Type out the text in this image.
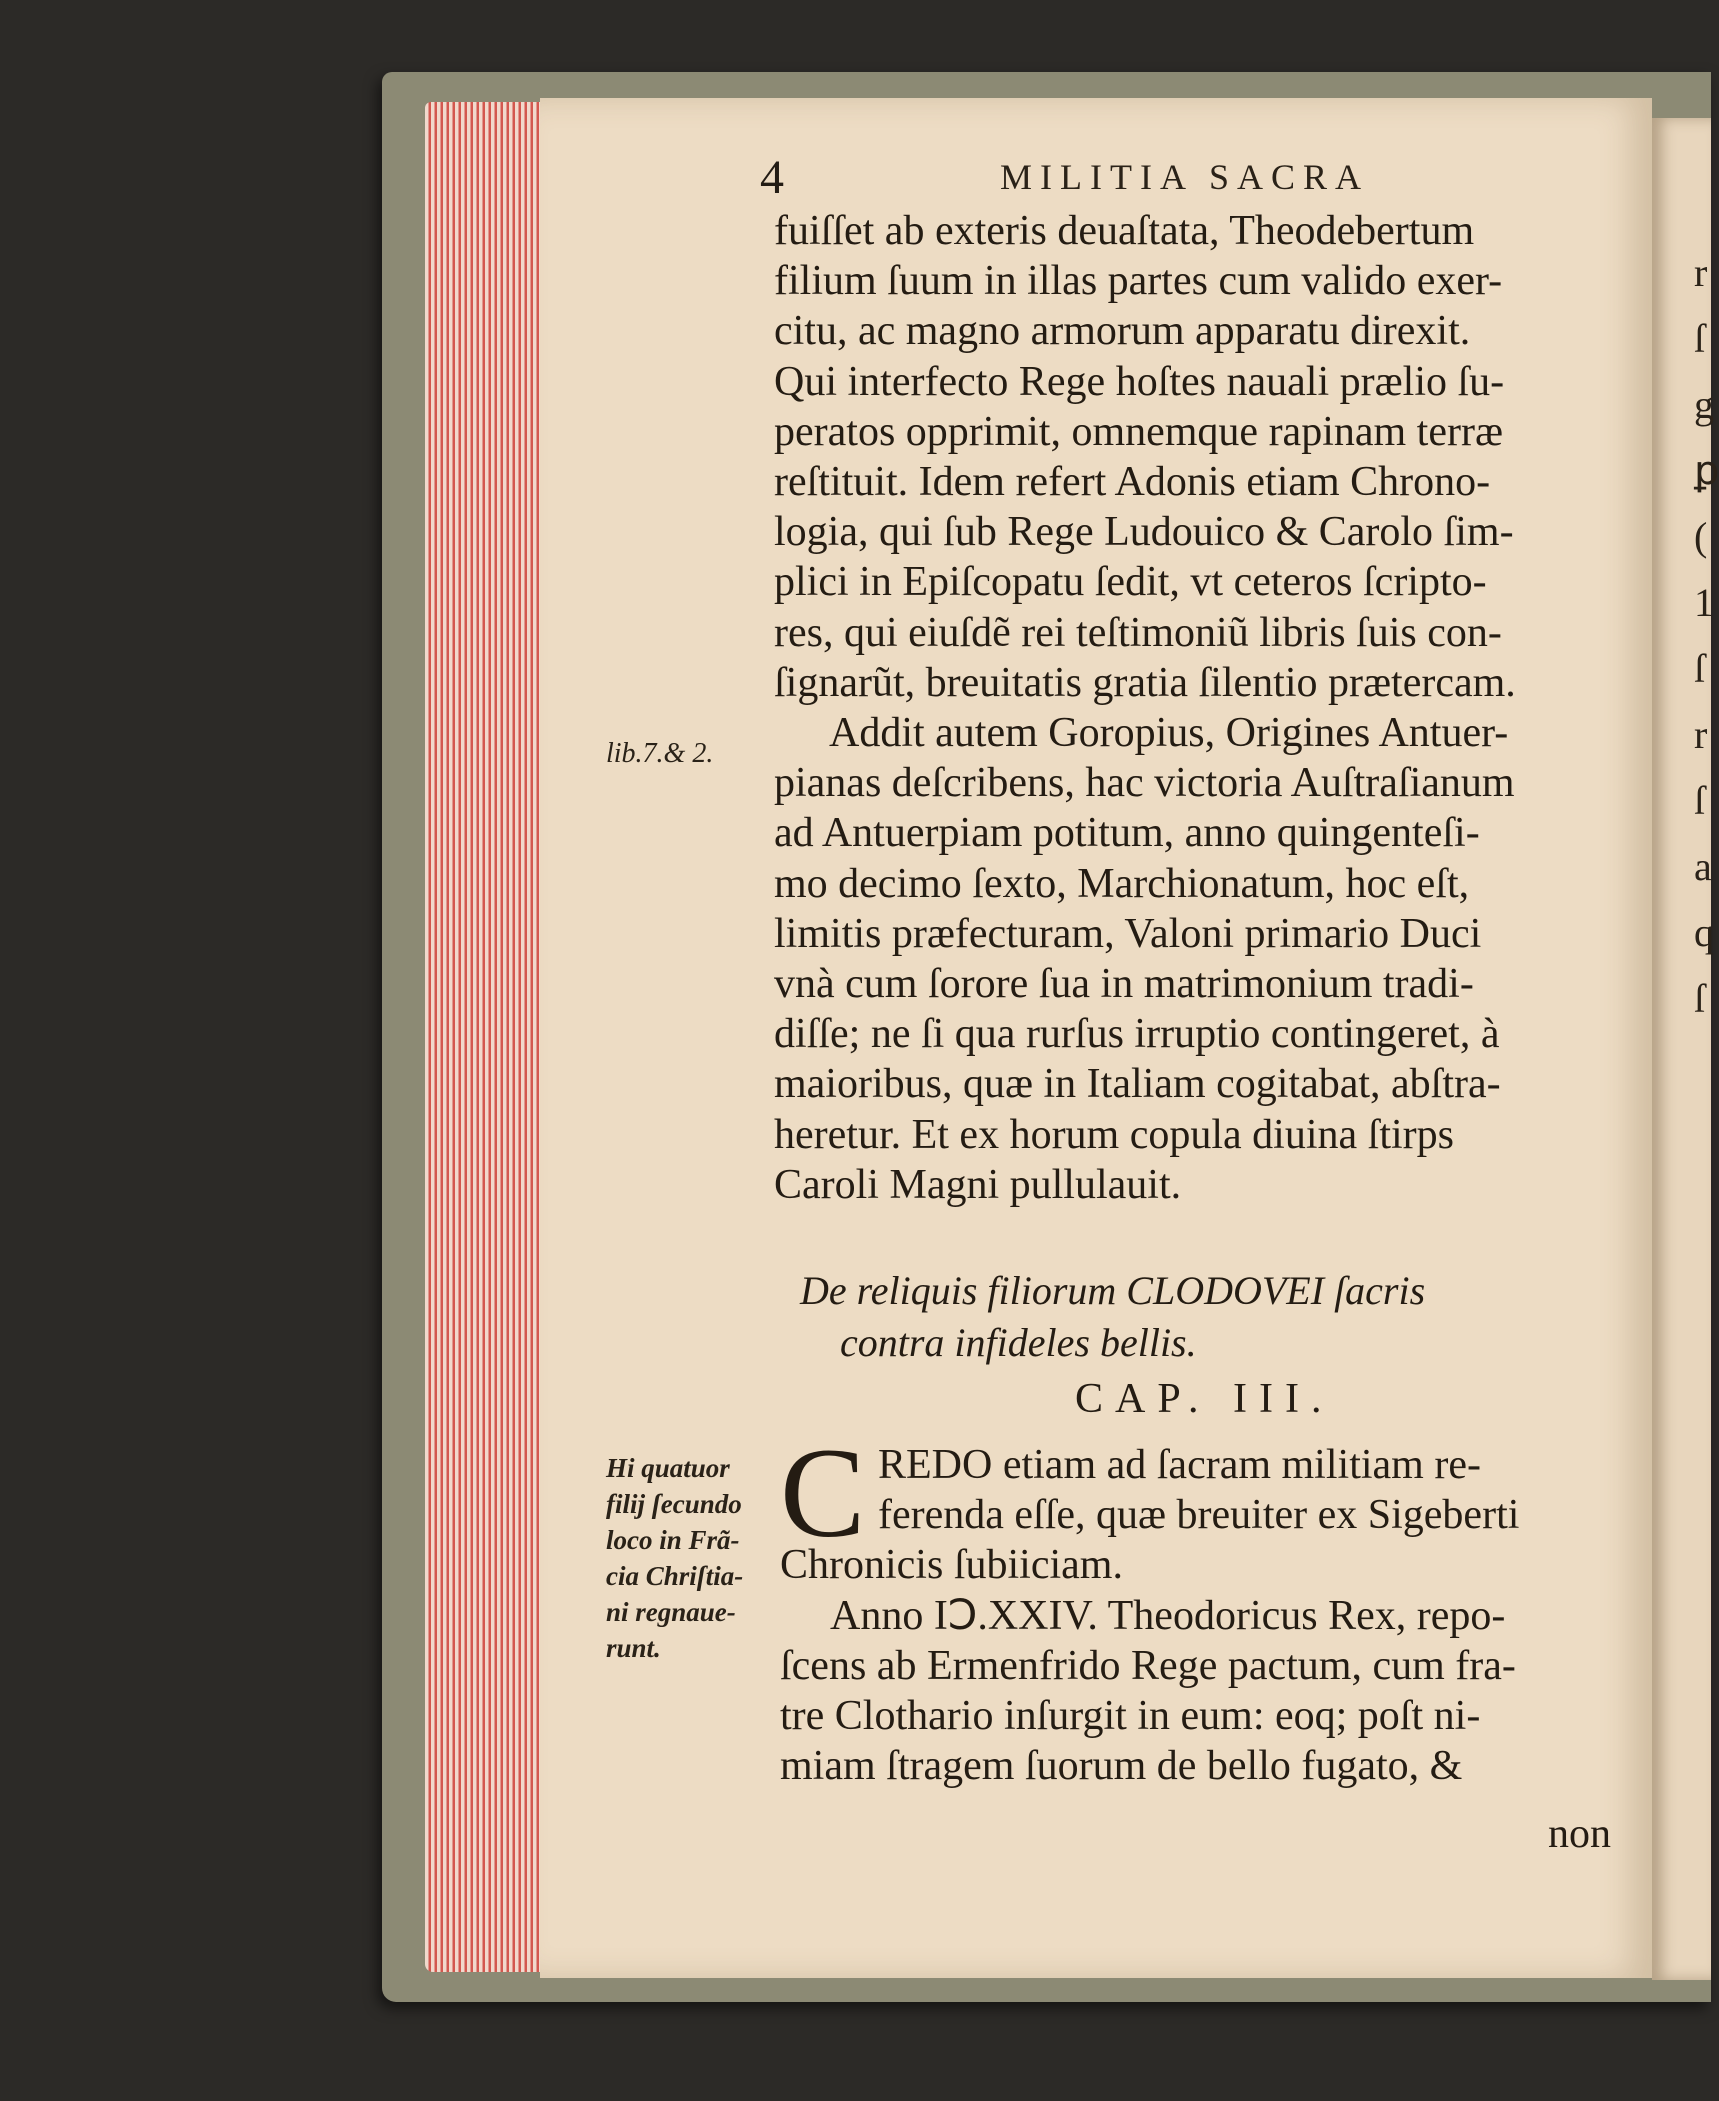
r
ſ
g
ꝑ
(
1
ſ
r
ſ
a
q
ſ
4	MILITIA SACRA
lib.7.& 2.
fuiſſet ab exteris deuaſtata, Theodebertum
filium ſuum in illas partes cum valido exer-
citu, ac magno armorum apparatu direxit.
Qui interfecto Rege hoſtes nauali prælio ſu-
peratos opprimit, omnemque rapinam terræ
reſtituit. Idem refert Adonis etiam Chrono-
logia, qui ſub Rege Ludouico & Carolo ſim-
plici in Epiſcopatu ſedit, vt ceteros ſcripto-
res, qui eiuſdẽ rei teſtimoniũ libris ſuis con-
ſignarũt, breuitatis gratia ſilentio prætercam.
Addit autem Goropius, Origines Antuer-
pianas deſcribens, hac victoria Auſtraſianum
ad Antuerpiam potitum, anno quingenteſi-
mo decimo ſexto, Marchionatum, hoc eſt,
limitis præfecturam, Valoni primario Duci
vnà cum ſorore ſua in matrimonium tradi-
diſſe; ne ſi qua rurſus irruptio contingeret, à
maioribus, quæ in Italiam cogitabat, abſtra-
heretur. Et ex horum copula diuina ſtirps
Caroli Magni pullulauit.
De reliquis filiorum CLODOVEI ſacris
contra infideles bellis.
CAP. III.
Hi quatuor
filij ſecundo
loco in Frã-
cia Chriſtia-
ni regnaue-
runt.
C REDO etiam ad ſacram militiam re-
ferenda eſſe, quæ breuiter ex Sigeberti
Chronicis ſubiiciam.
Anno IↃ.XXIV. Theodoricus Rex, repo-
ſcens ab Ermenfrido Rege pactum, cum fra-
tre Clothario inſurgit in eum: eoq; poſt ni-
miam ſtragem ſuorum de bello fugato, &
non
